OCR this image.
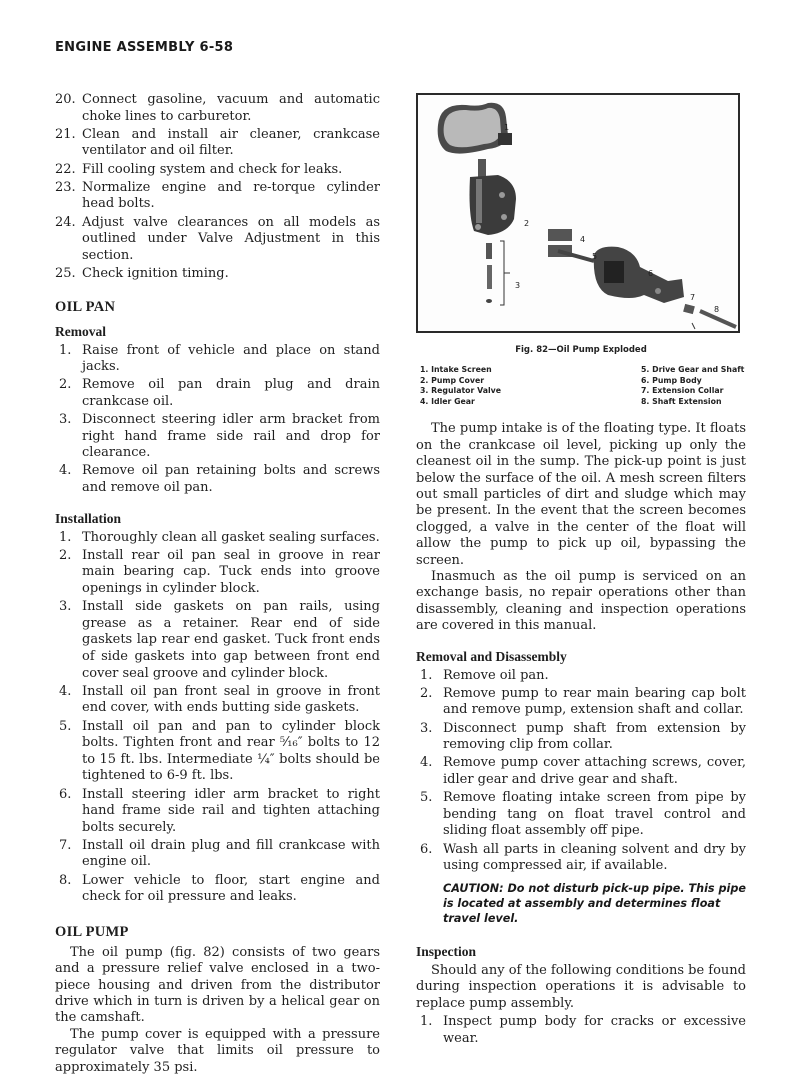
ENGINE ASSEMBLY 6-58
20. Connect gasoline, vacuum and automatic choke lines to carburetor.
21. Clean and install air cleaner, crankcase ventilator and oil filter.
22. Fill cooling system and check for leaks.
23. Normalize engine and re-torque cylinder head bolts.
24. Adjust valve clearances on all models as outlined under Valve Adjustment in this section.
25. Check ignition timing.
OIL PAN
Removal
1. Raise front of vehicle and place on stand jacks.
2. Remove oil pan drain plug and drain crankcase oil.
3. Disconnect steering idler arm bracket from right hand frame side rail and drop for clearance.
4. Remove oil pan retaining bolts and screws and remove oil pan.
Installation
1. Thoroughly clean all gasket sealing surfaces.
2. Install rear oil pan seal in groove in rear main bearing cap. Tuck ends into groove openings in cylinder block.
3. Install side gaskets on pan rails, using grease as a retainer. Rear end of side gaskets lap rear end gasket. Tuck front ends of side gaskets into gap between front end cover seal groove and cylinder block.
4. Install oil pan front seal in groove in front end cover, with ends butting side gaskets.
5. Install oil pan and pan to cylinder block bolts. Tighten front and rear ⁵⁄₁₆″ bolts to 12 to 15 ft. lbs. Intermediate ¼″ bolts should be tightened to 6-9 ft. lbs.
6. Install steering idler arm bracket to right hand frame side rail and tighten attaching bolts securely.
7. Install oil drain plug and fill crankcase with engine oil.
8. Lower vehicle to floor, start engine and check for oil pressure and leaks.
OIL PUMP

The oil pump (fig. 82) consists of two gears and a pressure relief valve enclosed in a two-piece housing and driven from the distributor drive which in turn is driven by a helical gear on the camshaft.

The pump cover is equipped with a pressure regulator valve that limits oil pressure to approximately 35 psi.

1
2
3
4
5
6
7
8
Fig. 82—Oil Pump Exploded
1. Intake Screen
2. Pump Cover
3. Regulator Valve
4. Idler Gear
5. Drive Gear and Shaft
6. Pump Body
7. Extension Collar
8. Shaft Extension

The pump intake is of the floating type. It floats on the crankcase oil level, picking up only the cleanest oil in the sump. The pick-up point is just below the surface of the oil. A mesh screen filters out small particles of dirt and sludge which may be present. In the event that the screen becomes clogged, a valve in the center of the float will allow the pump to pick up oil, bypassing the screen.

Inasmuch as the oil pump is serviced on an exchange basis, no repair operations other than disassembly, cleaning and inspection operations are covered in this manual.

Removal and Disassembly
1. Remove oil pan.
2. Remove pump to rear main bearing cap bolt and remove pump, extension shaft and collar.
3. Disconnect pump shaft from extension by removing clip from collar.
4. Remove pump cover attaching screws, cover, idler gear and drive gear and shaft.
5. Remove floating intake screen from pipe by bending tang on float travel control and sliding float assembly off pipe.
6. Wash all parts in cleaning solvent and dry by using compressed air, if available.
CAUTION: Do not disturb pick-up pipe. This pipe is located at assembly and determines float travel level.
Inspection

Should any of the following conditions be found during inspection operations it is advisable to replace pump assembly.

1. Inspect pump body for cracks or excessive wear.
